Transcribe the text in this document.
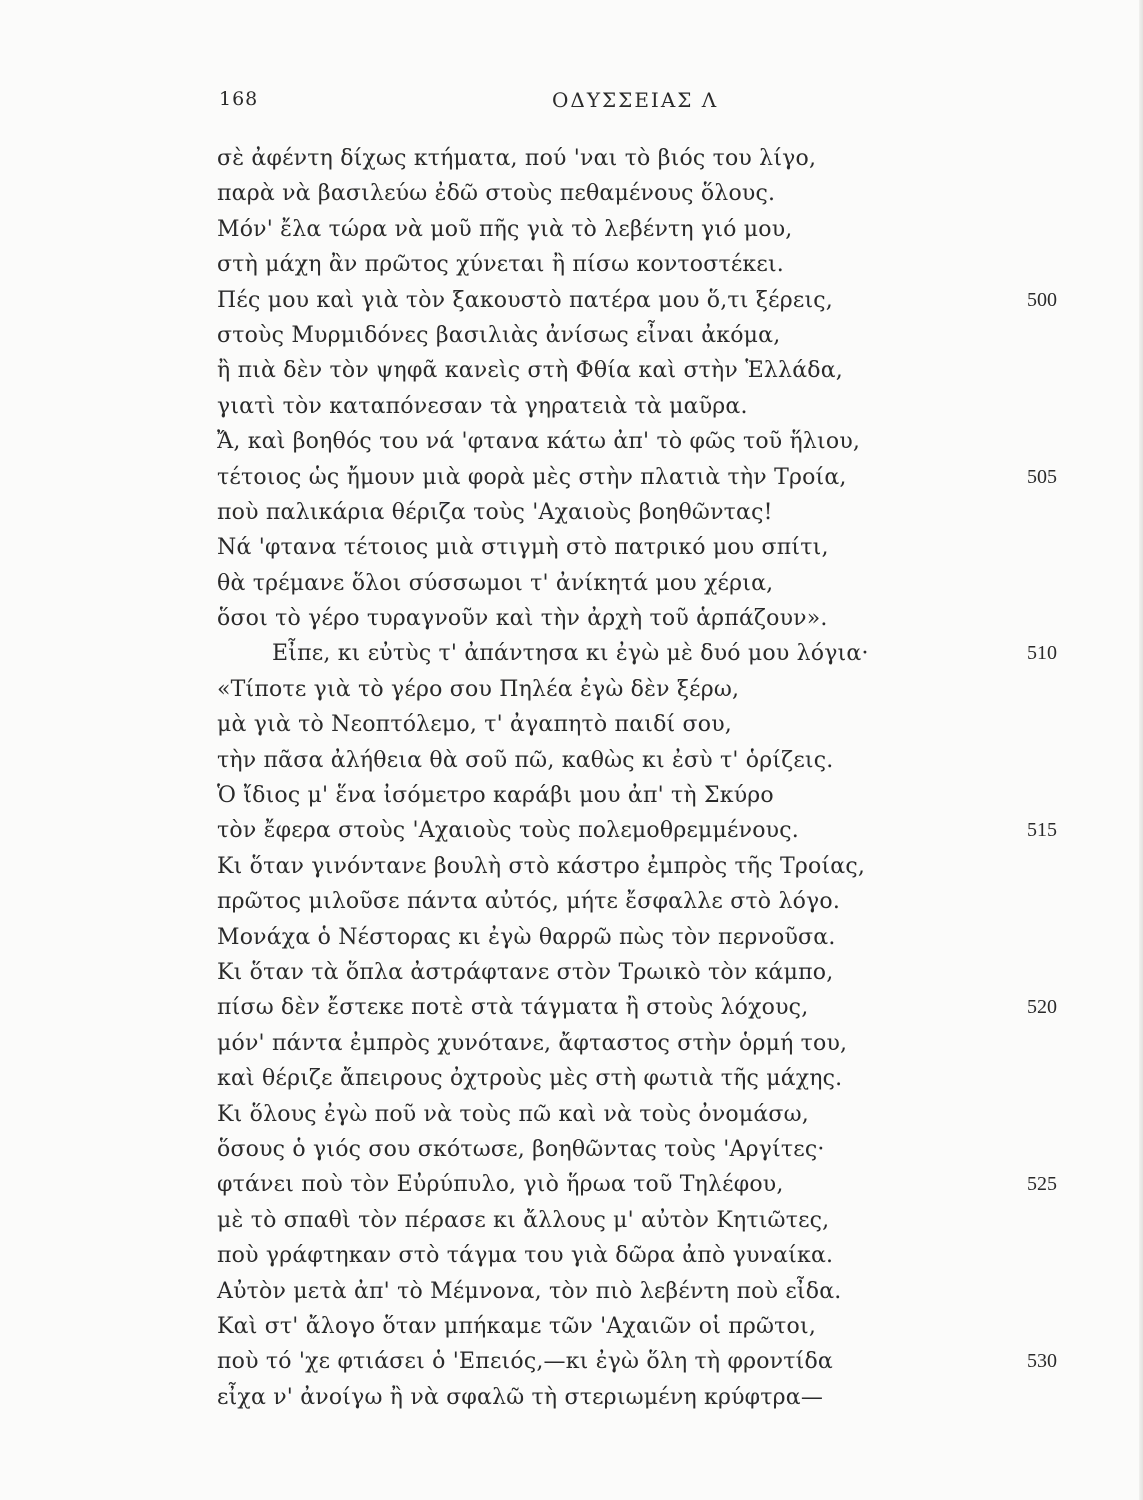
168	ΟΔΥΣΣΕΙΑΣ Λ
σὲ ἀφέντη δίχως κτήματα, πού 'ναι τὸ βιός του λίγο,
παρὰ νὰ βασιλεύω ἐδῶ στοὺς πεθαμένους ὅλους.
Μόν' ἔλα τώρα νὰ μοῦ πῆς γιὰ τὸ λεβέντη γιό μου,
στὴ μάχη ἂν πρῶτος χύνεται ἢ πίσω κοντοστέκει.
Πές μου καὶ γιὰ τὸν ξακουστὸ πατέρα μου ὅ,τι ξέρεις,	500
στοὺς Μυρμιδόνες βασιλιὰς ἀνίσως εἶναι ἀκόμα,
ἢ πιὰ δὲν τὸν ψηφᾶ κανεὶς στὴ Φθία καὶ στὴν Ἑλλάδα,
γιατὶ τὸν καταπόνεσαν τὰ γηρατειὰ τὰ μαῦρα.
Ἄ, καὶ βοηθός του νά 'φτανα κάτω ἀπ' τὸ φῶς τοῦ ἥλιου,
τέτοιος ὡς ἤμουν μιὰ φορὰ μὲς στὴν πλατιὰ τὴν Τροία,	505
ποὺ παλικάρια θέριζα τοὺς 'Αχαιοὺς βοηθῶντας!
Νά 'φτανα τέτοιος μιὰ στιγμὴ στὸ πατρικό μου σπίτι,
θὰ τρέμανε ὅλοι σύσσωμοι τ' ἀνίκητά μου χέρια,
ὅσοι τὸ γέρο τυραγνοῦν καὶ τὴν ἀρχὴ τοῦ ἁρπάζουν».
Εἶπε, κι εὐτὺς τ' ἀπάντησα κι ἐγὼ μὲ δυό μου λόγια·	510
«Τίποτε γιὰ τὸ γέρο σου Πηλέα ἐγὼ δὲν ξέρω,
μὰ γιὰ τὸ Νεοπτόλεμο, τ' ἀγαπητὸ παιδί σου,
τὴν πᾶσα ἀλήθεια θὰ σοῦ πῶ, καθὼς κι ἐσὺ τ' ὁρίζεις.
Ὁ ἴδιος μ' ἕνα ἰσόμετρο καράβι μου ἀπ' τὴ Σκύρο
τὸν ἔφερα στοὺς 'Αχαιοὺς τοὺς πολεμοθρεμμένους.	515
Κι ὅταν γινόντανε βουλὴ στὸ κάστρο ἐμπρὸς τῆς Τροίας,
πρῶτος μιλοῦσε πάντα αὐτός, μήτε ἔσφαλλε στὸ λόγο.
Μονάχα ὁ Νέστορας κι ἐγὼ θαρρῶ πὼς τὸν περνοῦσα.
Κι ὅταν τὰ ὅπλα ἀστράφτανε στὸν Τρωικὸ τὸν κάμπο,
πίσω δὲν ἔστεκε ποτὲ στὰ τάγματα ἢ στοὺς λόχους,	520
μόν' πάντα ἐμπρὸς χυνότανε, ἄφταστος στὴν ὁρμή του,
καὶ θέριζε ἄπειρους ὀχτροὺς μὲς στὴ φωτιὰ τῆς μάχης.
Κι ὅλους ἐγὼ ποῦ νὰ τοὺς πῶ καὶ νὰ τοὺς ὀνομάσω,
ὅσους ὁ γιός σου σκότωσε, βοηθῶντας τοὺς 'Αργίτες·
φτάνει ποὺ τὸν Εὐρύπυλο, γιὸ ἥρωα τοῦ Τηλέφου,	525
μὲ τὸ σπαθὶ τὸν πέρασε κι ἄλλους μ' αὐτὸν Κητιῶτες,
ποὺ γράφτηκαν στὸ τάγμα του γιὰ δῶρα ἀπὸ γυναίκα.
Αὐτὸν μετὰ ἀπ' τὸ Μέμνονα, τὸν πιὸ λεβέντη ποὺ εἶδα.
Καὶ στ' ἄλογο ὅταν μπήκαμε τῶν 'Αχαιῶν οἱ πρῶτοι,
ποὺ τό 'χε φτιάσει ὁ 'Επειός,—κι ἐγὼ ὅλη τὴ φροντίδα	530
εἶχα ν' ἀνοίγω ἢ νὰ σφαλῶ τὴ στεριωμένη κρύφτρα—
